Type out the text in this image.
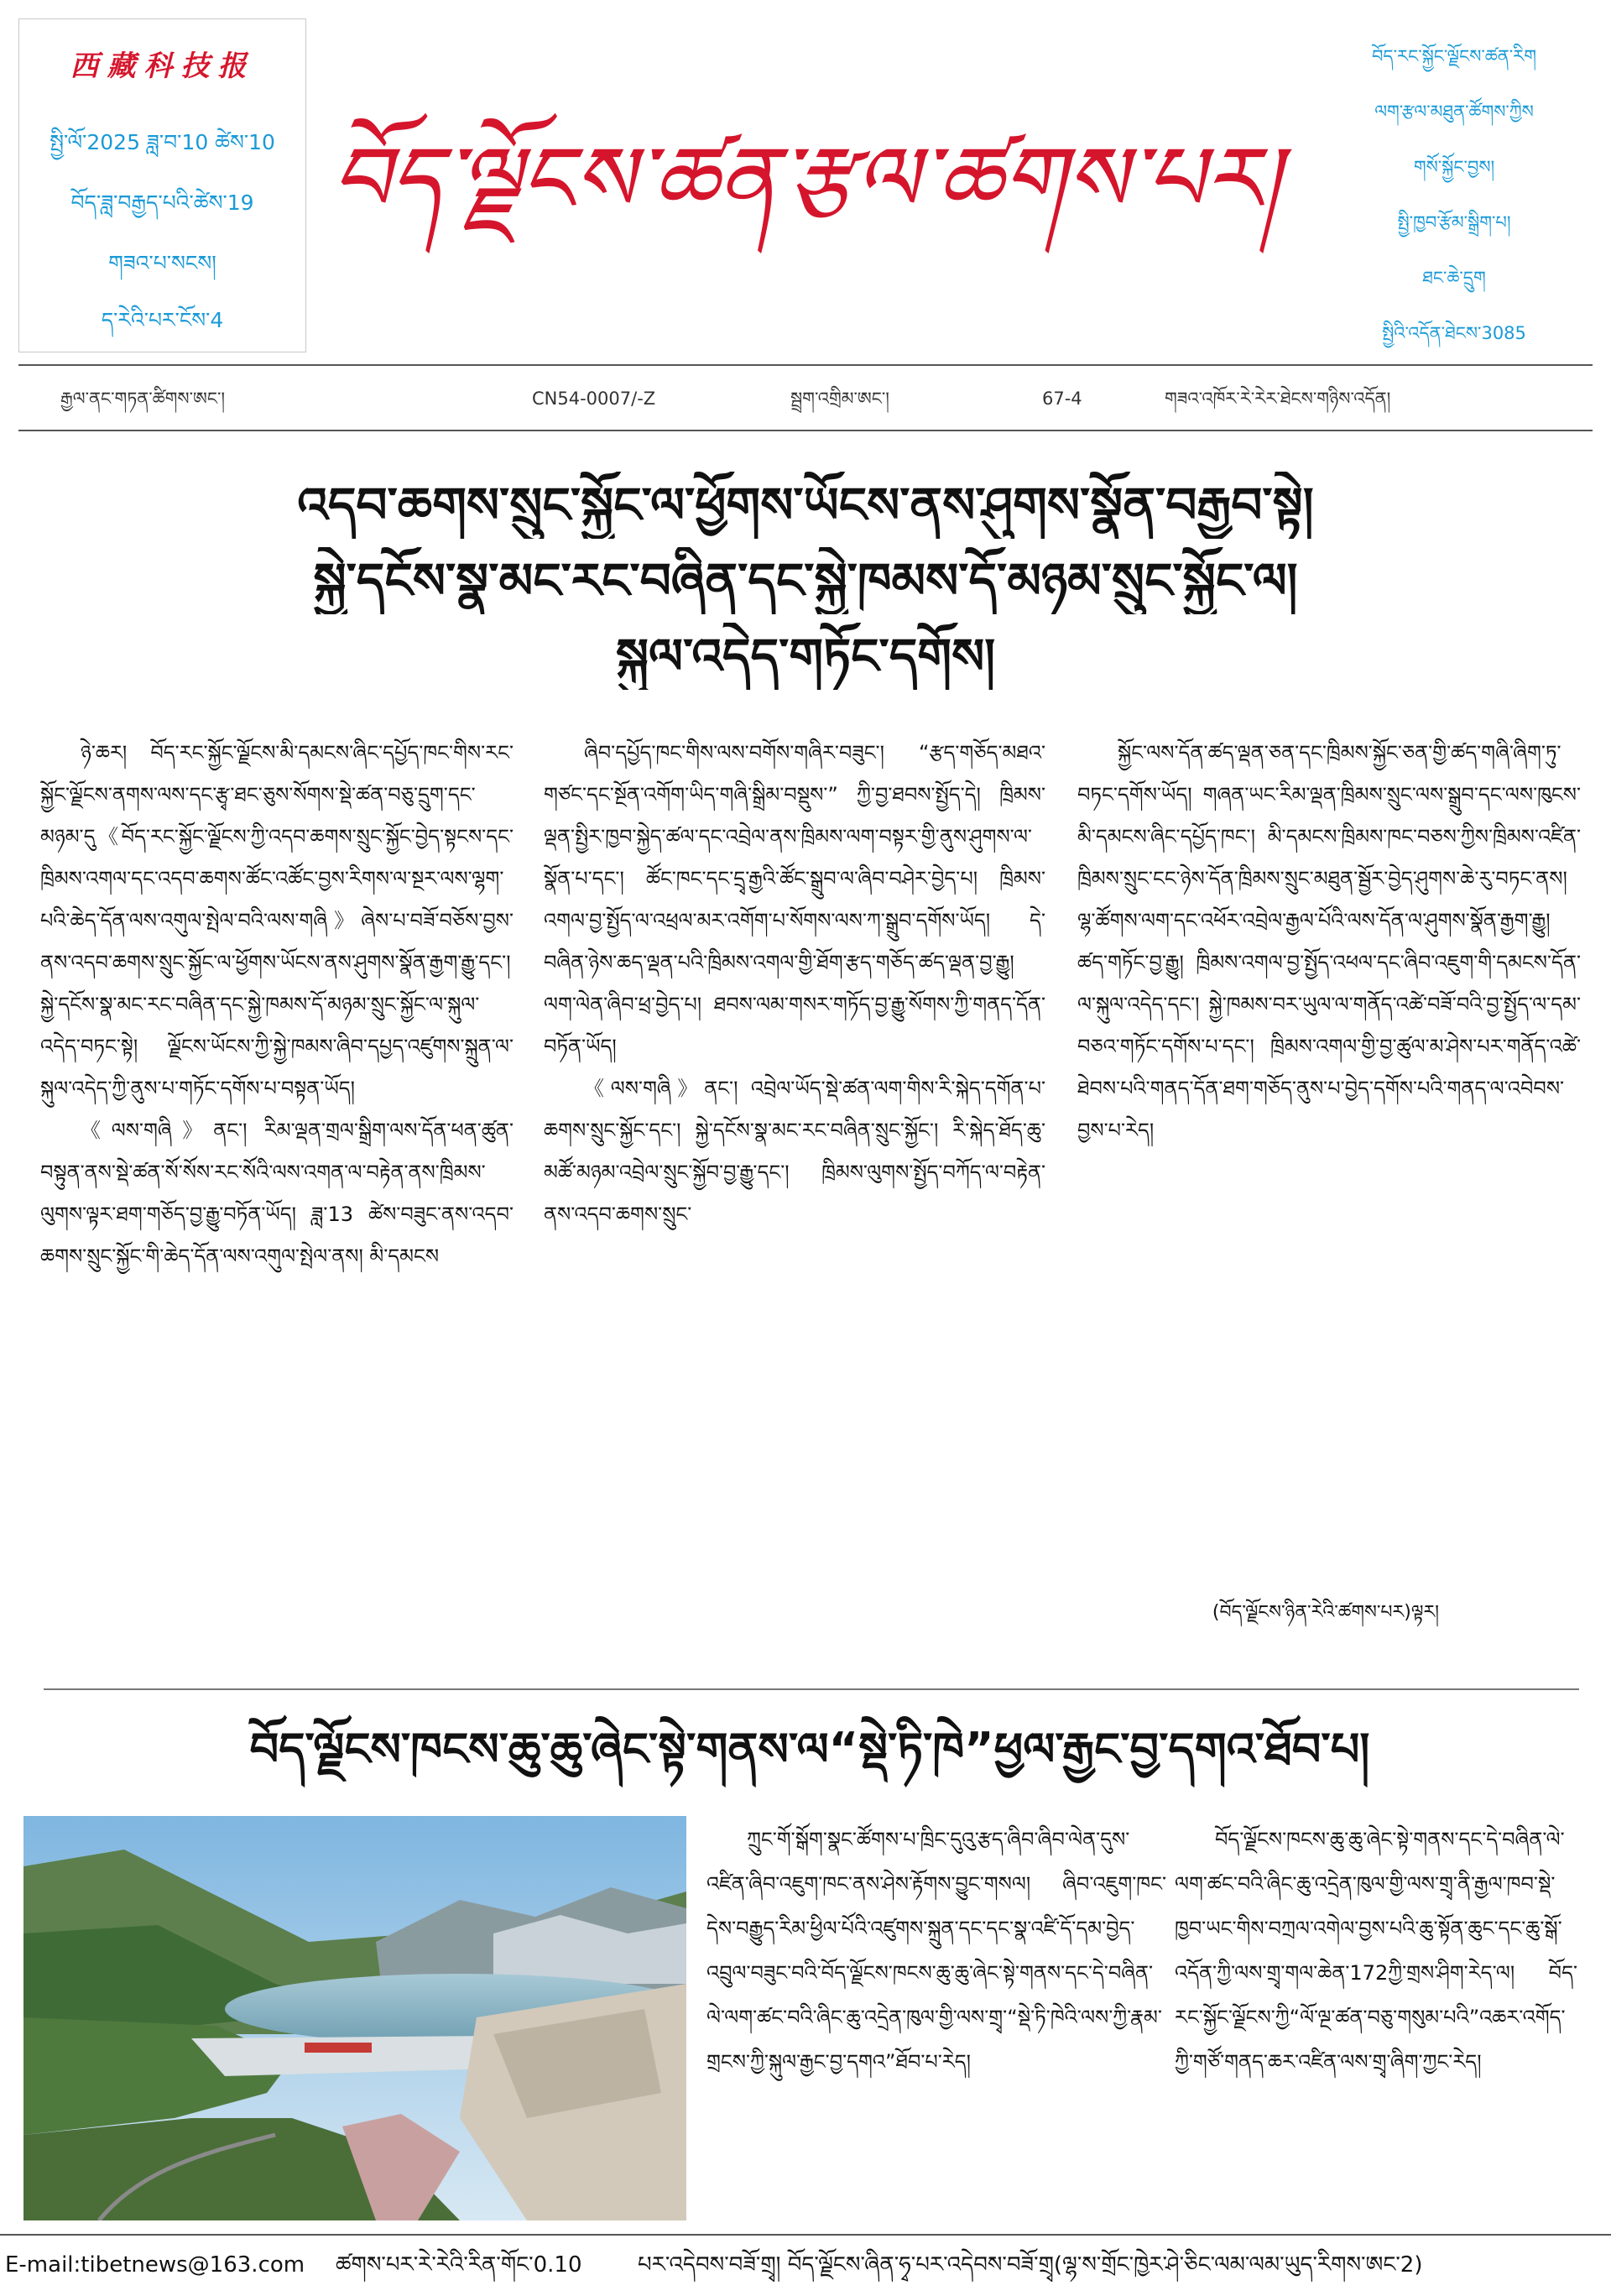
西藏科技报
སྤྱི་ལོ་2025 ཟླ་བ་10 ཚེས་10
བོད་ཟླ་བརྒྱད་པའི་ཚེས་19
གཟའ་པ་སངས།
ད་རེའི་པར་ངོས་4
བོད་ལྗོངས་ཚན་རྩལ་ཚགས་པར།
བོད་རང་སྐྱོང་ལྗོངས་ཚན་རིག
ལག་རྩལ་མཐུན་ཚོགས་ཀྱིས
གསོ་སྐྱོང་བྱས།
སྤྱི་ཁྱབ་རྩོམ་སྒྲིག་པ།
ཐང་ཆེ་དྲུག
སྤྱིའི་འདོན་ཐེངས་3085
རྒྱལ་ནང་གཏན་ཚིགས་ཨང་།	CN54-0007/-Z	སྦྲག་འགྲིམ་ཨང་།	67-4	གཟའ་འཁོར་རེ་རེར་ཐེངས་གཉིས་འདོན།
འདབ་ཆགས་སྲུང་སྐྱོང་ལ་ཕྱོགས་ཡོངས་ནས་ཤུགས་སྣོན་བརྒྱབ་སྟེ།
སྐྱེ་དངོས་སྣ་མང་རང་བཞིན་དང་སྐྱེ་ཁམས་དོ་མཉམ་སྲུང་སྐྱོང་ལ།
སྐུལ་འདེད་གཏོང་དགོས།

ཉེ་ཆར། བོད་རང་སྐྱོང་ལྗོངས་མི་དམངས་ཞིང་དཔྱོད་ཁང་གིས་རང་སྐྱོང་ལྗོངས་ནགས་ལས་དང་རྩྭ་ཐང་ཅུས་སོགས་སྡེ་ཚན་བཅུ་དྲུག་དང་མཉམ་དུ《བོད་རང་སྐྱོང་ལྗོངས་ཀྱི་འདབ་ཆགས་སྲུང་སྐྱོང་བྱེད་སྟངས་དང་ཁྲིམས་འགལ་དང་འདབ་ཆགས་ཚོང་འཚོང་བྱས་རིགས་ལ་སྔར་ལས་ལྷག་པའི་ཆེད་དོན་ལས་འགུལ་སྤེལ་བའི་ལས་གཞི》ཞེས་པ་བཟོ་བཅོས་བྱས་ནས་འདབ་ཆགས་སྲུང་སྐྱོང་ལ་ཕྱོགས་ཡོངས་ནས་ཤུགས་སྣོན་རྒྱག་རྒྱུ་དང་། སྐྱེ་དངོས་སྣ་མང་རང་བཞིན་དང་སྐྱེ་ཁམས་དོ་མཉམ་སྲུང་སྐྱོང་ལ་སྐུལ་འདེད་བཏང་སྟེ། ལྗོངས་ཡོངས་ཀྱི་སྐྱེ་ཁམས་ཞིབ་དཔྱད་འཛུགས་སྐྲུན་ལ་སྐུལ་འདེད་ཀྱི་ནུས་པ་གཏོང་དགོས་པ་བསྟན་ཡོད།

《ལས་གཞི》ནང་། རིམ་ལྡན་གྲལ་སྒྲིག་ལས་དོན་ཕན་ཚུན་བསྟུན་ནས་སྡེ་ཚན་སོ་སོས་རང་སོའི་ལས་འགན་ལ་བརྟེན་ནས་ཁྲིམས་ལུགས་ལྟར་ཐག་གཅོད་བྱ་རྒྱུ་བཏོན་ཡོད། ཟླ་13 ཚེས་བཟུང་ནས་འདབ་ཆགས་སྲུང་སྐྱོང་གི་ཆེད་དོན་ལས་འགུལ་སྤེལ་ནས། མི་དམངས

ཞིབ་དཔྱོད་ཁང་གིས་ལས་བགོས་གཞིར་བཟུང་། “རྩད་གཅོད་མཐའ་གཙང་དང་སྔོན་འགོག་ཡིད་གཞི་སྒྲིམ་བསྡུས་” ཀྱི་བྱ་ཐབས་སྤྱོད་དེ། ཁྲིམས་ལྡན་སྤྱིར་ཁྱབ་སྐྱེད་ཚལ་དང་འབྲེལ་ནས་ཁྲིམས་ལག་བསྟར་གྱི་ནུས་ཤུགས་ལ་སྣོན་པ་དང་། ཚོང་ཁང་དང་དྲྭ་རྒྱའི་ཚོང་སྒྲུབ་ལ་ཞིབ་བཤེར་བྱེད་པ། ཁྲིམས་འགལ་བྱ་སྤྱོད་ལ་འཕྲལ་མར་འགོག་པ་སོགས་ལས་ཀ་སྒྲུབ་དགོས་ཡོད། དེ་བཞིན་ཉེས་ཆད་ལྡན་པའི་ཁྲིམས་འགལ་གྱི་ཐོག་རྩད་གཅོད་ཚད་ལྡན་བྱ་རྒྱུ། ལག་ལེན་ཞིབ་ཕྲ་བྱེད་པ། ཐབས་ལམ་གསར་གཏོད་བྱ་རྒྱུ་སོགས་ཀྱི་གནད་དོན་བཏོན་ཡོད།

《ལས་གཞི》ནང་། འབྲེལ་ཡོད་སྡེ་ཚན་ལག་གིས་རི་སྐེད་དགོན་པ་ཆགས་སྲུང་སྐྱོང་དང་། སྐྱེ་དངོས་སྣ་མང་རང་བཞིན་སྲུང་སྐྱོང་། རི་སྐེད་ཐོད་ཆུ་མཚོ་མཉམ་འབྲེལ་སྲུང་སྐྱོབ་བྱ་རྒྱུ་དང་། ཁྲིམས་ལུགས་སྤྱོད་བཀོད་ལ་བརྟེན་ནས་འདབ་ཆགས་སྲུང་

སྐྱོང་ལས་དོན་ཚད་ལྡན་ཅན་དང་ཁྲིམས་སྐྱོང་ཅན་གྱི་ཚད་གཞི་ཞིག་ཏུ་བཏང་དགོས་ཡོད། གཞན་ཡང་རིམ་ལྡན་ཁྲིམས་སྲུང་ལས་སྒྲུབ་དང་ལས་ཁུངས་མི་དམངས་ཞིང་དཔྱོད་ཁང་། མི་དམངས་ཁྲིམས་ཁང་བཅས་ཀྱིས་ཁྲིམས་འཛིན་ཁྲིམས་སྲུང་ངང་ཉེས་དོན་ཁྲིམས་སྲུང་མཐུན་སྦྱོར་བྱེད་ཤུགས་ཆེ་རུ་བཏང་ནས། ལྷ་ཚོགས་ལག་དང་འཕོར་འབྲེལ་རྒྱལ་པོའི་ལས་དོན་ལ་ཤུགས་སྣོན་རྒྱག་རྒྱུ། ཚད་གཏོང་བྱ་རྒྱུ། ཁྲིམས་འགལ་བྱ་སྤྱོད་འཕལ་དང་ཞིབ་འཇུག་གི་དམངས་དོན་ལ་སྐུལ་འདེད་དང་། སྐྱེ་ཁམས་བར་ཡུལ་ལ་གནོད་འཚེ་བཟོ་བའི་བྱ་སྤྱོད་ལ་དམ་བཅའ་གཏོང་དགོས་པ་དང་། ཁྲིམས་འགལ་གྱི་བྱ་ཚུལ་མ་ཤེས་པར་གནོད་འཚེ་ཐེབས་པའི་གནད་དོན་ཐག་གཅོད་ནུས་པ་བྱེད་དགོས་པའི་གནད་ལ་འབེབས་བྱས་པ་རེད།

(བོད་ལྗོངས་ཉིན་རེའི་ཚགས་པར)ལྟར།
བོད་ལྗོངས་ཁངས་ཆུ་ཆུ་ཞེང་སྟེ་གནས་ལ“སྡེ་ཏི་ཁེ”ཕྱལ་རྒྱང་བྱ་དགའ་ཐོབ་པ།

ཀྲུང་གོ་སྒོག་སྣང་ཚོགས་པ་ཁྲིང་དུའུ་རྩད་ཞིབ་ཞིབ་ལེན་དུས་འཛིན་ཞིབ་འཇུག་ཁང་ནས་ཤེས་རྟོགས་བྱུང་གསལ། ཞིབ་འཇུག་ཁང་དེས་བརྒྱུད་རིམ་ཕྱིལ་པོའི་འཛུགས་སྐྲུན་དང་དང་སྣ་འཛི་དོ་དམ་བྱེད་འབྲུལ་བཟུང་བའི་བོད་ལྗོངས་ཁངས་ཆུ་ཆུ་ཞེང་སྟེ་གནས་དང་དེ་བཞིན་ལེ་ལག་ཚང་བའི་ཞིང་ཆུ་འདྲེན་ཁུལ་གྱི་ལས་གྲྭ་“སྡེ་ཏི་ཁེའི་ལས་ཀྱི་རྣམ་གྲངས་ཀྱི་སྐུལ་རྒྱང་བྱ་དགའ”ཐོབ་པ་རེད།

བོད་ལྗོངས་ཁངས་ཆུ་ཆུ་ཞེང་སྟེ་གནས་དང་དེ་བཞིན་ལེ་ལག་ཚང་བའི་ཞིང་ཆུ་འདྲེན་ཁུལ་གྱི་ལས་གྲྭ་ནི་རྒྱལ་ཁབ་སྡེ་ཁྱབ་ཡང་གིས་བཀྲལ་འགེལ་བྱས་པའི་ཆུ་སྟོན་ཆུང་དང་ཆུ་སྒོ་འདོན་ཀྱི་ལས་གྲྭ་གལ་ཆེན་172ཀྱི་གྲས་ཤིག་རེད་ལ། བོད་རང་སྐྱོང་ལྗོངས་ཀྱི“ལོ་ལྔ་ཚན་བཅུ་གསུམ་པའི”འཆར་འགོད་ཀྱི་གཙོ་གནད་ཆར་འཛིན་ལས་གྲྭ་ཞིག་ཀྱང་རེད།

E-mail:tibetnews@163.com ཚགས་པར་རེ་རེའི་རིན་གོང་0.10	པར་འདེབས་བཟོ་གྲྭ། བོད་ལྗོངས་ཞིན་ཧྭ་པར་འདེབས་བཟོ་གྲྭ(ལྷ་ས་གྲོང་ཁྱེར་ཤེ་ཅིང་ལམ་ལམ་ཡུད་རིགས་ཨང་2)
